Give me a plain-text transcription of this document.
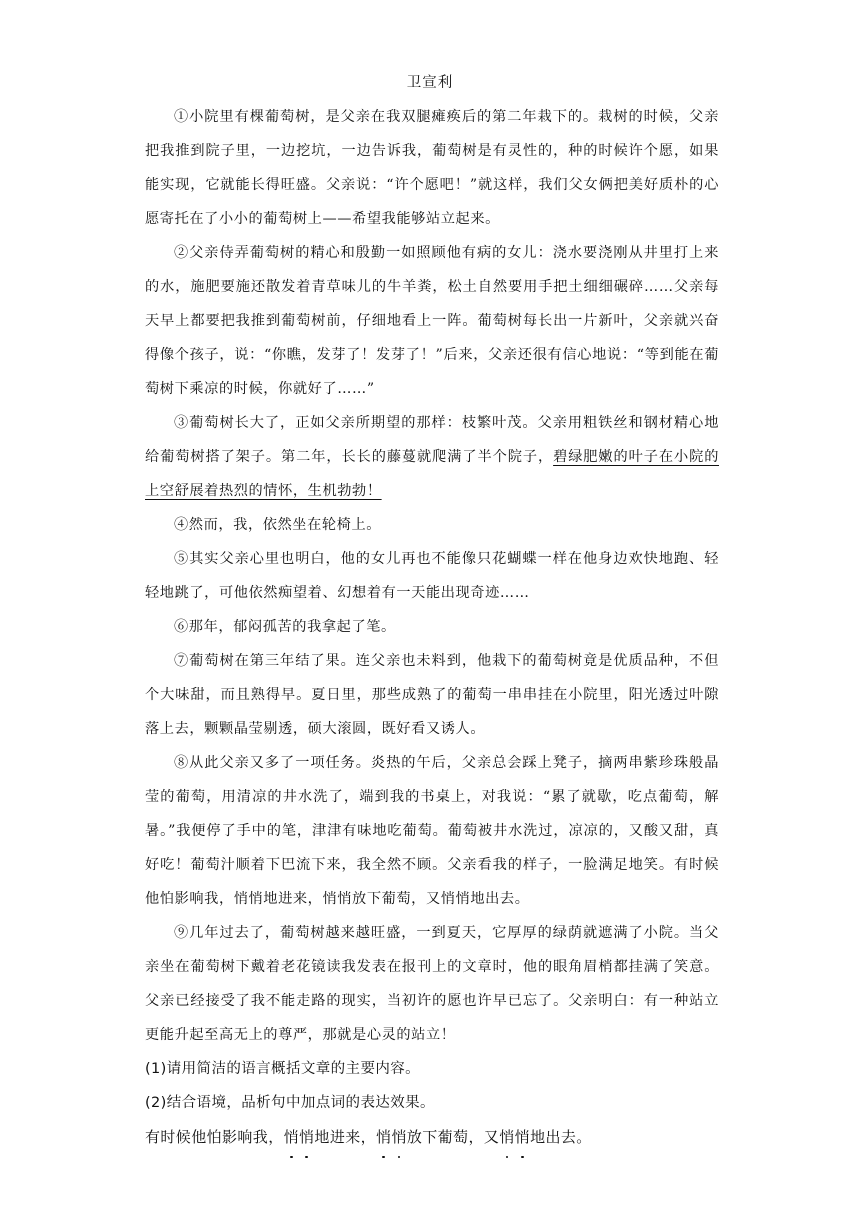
卫宣利

①小院里有棵葡萄树，是父亲在我双腿瘫痪后的第二年栽下的。栽树的时候，父亲把我推到院子里，一边挖坑，一边告诉我，葡萄树是有灵性的，种的时候许个愿，如果能实现，它就能长得旺盛。父亲说：“许个愿吧！”就这样，我们父女俩把美好质朴的心愿寄托在了小小的葡萄树上——希望我能够站立起来。

②父亲侍弄葡萄树的精心和殷勤一如照顾他有病的女儿：浇水要浇刚从井里打上来的水，施肥要施还散发着青草味儿的牛羊粪，松土自然要用手把土细细碾碎……父亲每天早上都要把我推到葡萄树前，仔细地看上一阵。葡萄树每长出一片新叶，父亲就兴奋得像个孩子，说：“你瞧，发芽了！发芽了！”后来，父亲还很有信心地说：“等到能在葡萄树下乘凉的时候，你就好了……”

③葡萄树长大了，正如父亲所期望的那样：枝繁叶茂。父亲用粗铁丝和钢材精心地给葡萄树搭了架子。第二年，长长的藤蔓就爬满了半个院子，碧绿肥嫩的叶子在小院的上空舒展着热烈的情怀，生机勃勃！

④然而，我，依然坐在轮椅上。

⑤其实父亲心里也明白，他的女儿再也不能像只花蝴蝶一样在他身边欢快地跑、轻轻地跳了，可他依然痴望着、幻想着有一天能出现奇迹……

⑥那年，郁闷孤苦的我拿起了笔。

⑦葡萄树在第三年结了果。连父亲也未料到，他栽下的葡萄树竟是优质品种，不但个大味甜，而且熟得早。夏日里，那些成熟了的葡萄一串串挂在小院里，阳光透过叶隙落上去，颗颗晶莹剔透，硕大滚圆，既好看又诱人。

⑧从此父亲又多了一项任务。炎热的午后，父亲总会踩上凳子，摘两串紫珍珠般晶莹的葡萄，用清凉的井水洗了，端到我的书桌上，对我说：“累了就歇，吃点葡萄，解暑。”我便停了手中的笔，津津有味地吃葡萄。葡萄被井水洗过，凉凉的，又酸又甜，真好吃！葡萄汁顺着下巴流下来，我全然不顾。父亲看我的样子，一脸满足地笑。有时候他怕影响我，悄悄地进来，悄悄放下葡萄，又悄悄地出去。

⑨几年过去了，葡萄树越来越旺盛，一到夏天，它厚厚的绿荫就遮满了小院。当父亲坐在葡萄树下戴着老花镜读我发表在报刊上的文章时，他的眼角眉梢都挂满了笑意。父亲已经接受了我不能走路的现实，当初许的愿也许早已忘了。父亲明白：有一种站立更能升起至高无上的尊严，那就是心灵的站立！

(1)请用简洁的语言概括文章的主要内容。

(2)结合语境，品析句中加点词的表达效果。

有时候他怕影响我，悄悄地进来，悄悄放下葡萄，又悄悄地出去。
